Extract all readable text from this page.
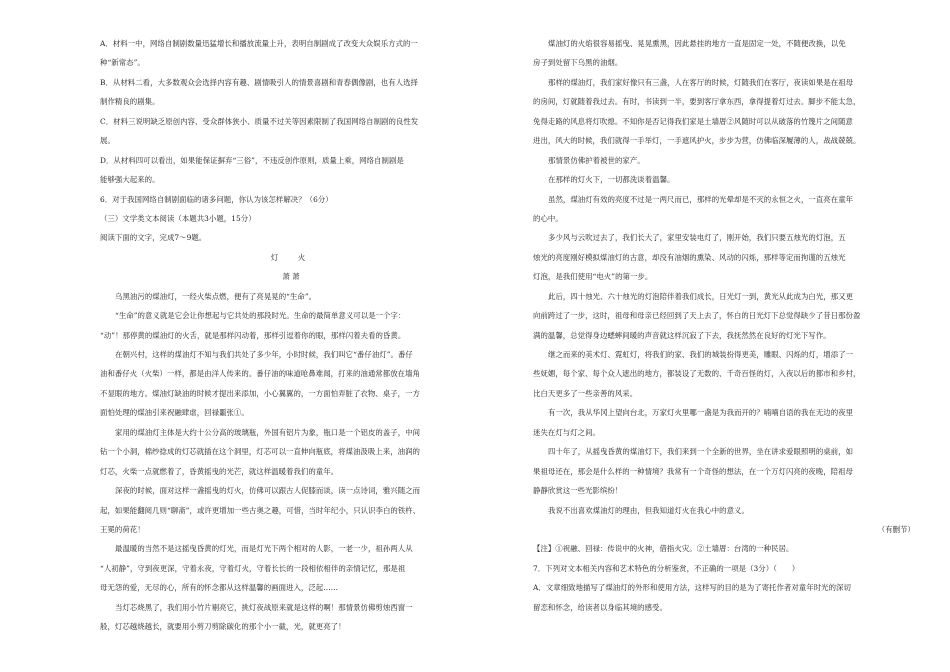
A．材料一中，网络自制剧数量迅猛增长和播放流量上升，表明自制剧成了改变大众娱乐方式的一
种“新常态”。
B．从材料二看，大多数观众会选择内容有趣、剧情吸引人的情景喜剧和青春偶像剧，也有人选择
制作精良的剧集。
C．材料三说明缺乏原创内容、受众群体狭小、质量不过关等因素限制了我国网络自制剧的良性发
展。
D．从材料四可以看出，如果能保证摒弃“三俗”，不违反创作原则，质量上乘，网络自制剧是
能够强大起来的。
6．对于我国网络自制剧面临的诸多问题，你认为该怎样解决？（6分）
（三）文学类文本阅读（本题共3小题，15分）
阅读下面的文字，完成7～9题。
灯　火
萧 萧
乌黑油污的煤油灯，一经火柴点燃，便有了亮晃晃的“生命”。
“生命”的意义就是它会让你想起与它共处的那段时光。生命的最简单意义可以是一个字：
“动”！那停黄的煤油灯的火舌，就是那样闪动着，那样引逗着你的眼，那样闪着夫看的昏黄。
在朝兴村，这样的煤油灯不知与我们共处了多少年，小时时候，我们叫它“番仔油灯”。番仔
油和番仔火（火柴）一样，都是由洋人传来的。番仔油的味道呛鼻难闻，打来的油通常都放在墙角
不显眼的地方。煤油灯缺油的时候才提出来添加，小心翼翼的，一方面怕弄脏了衣物、桌子，一方
面怕处理的煤油引来祝融肆虐，回禄噩张①。
家用的煤油灯主体是大约十公分高的玻璃瓶，外国有铝片为象，瓶口是一个铝皮的盖子，中间
钻一个小洞，棉纱捻成的灯芯就插在这个洞里，灯芯可以一直伸向瓶底，将煤油汲吸上来，油润的
灯芯，火柴一点就燃着了，昏黄摇曳的光芒，就这样温暖着我们的童年。
深夜的时候，面对这样一盏摇曳的灯火，仿佛可以跟古人促膝而谈，读一点诗词，雅兴随之而
起，如果能翻阅几则“聊斋”，或许更增加一些古奥之趣，可惜，当时年纪小，只认识李白的铁杵、
王冕的荷花！
最温暖的当然不是这摇曳昏黄的灯光，而是灯光下两个相对的人影，一老一少，祖孙两人从
“人初静”，守到夜更深，守着永夜，守着灯火，守着长长的一段相依相伴的亲情记忆，那是祖
母无怨的爱，无尽的心，所有的怀念都从这样温馨的画面进入，泛起……
当灯芯烧黑了，我们用小竹片剔亮它，挑灯夜战原来就是这样的啊！那情景仿佛剪烛西窗一
般，灯芯越烧越长，就要用小剪刀剪除碳化的那个小一截，光，就更亮了！
煤油灯的火焰很容易摇曳、晃晃熏黑，因此悬挂的地方一直是固定一处，不随便改换，以免
房子到处留下乌黑的油烟。
那样的煤油灯，我们家好像只有三盏，人在客厅的时候，灯随我们在客厅，夜读如果是在祖母
的房间，灯就随着我过去。有时，书读到一半，要到客厅拿东西，拿得提着灯过去。脚步不能太急，
免得走路的风息将灯吹熄。不知你是否记得我们家是土墙厝②风随时可以从破落的竹篾片之间随意
进出，风大的时候，我们就得一手举灯，一手遮风护火，步步为营，仿佛临深履薄的人，战战兢兢。
那情景仿佛护着被世的家产。
在那样的灯火下，一切都洗谈着温馨。
虽然，煤油灯有效的亮度不过是一两尺而已，那样的光晕却是不灭的永恒之火，一直亮在童年
的心中。
多少风与云吹过去了，我们长大了，家里安装电灯了，刚开始，我们只要五烛光的灯泡，五
烛光的亮度刚好模拟煤油灯的古意，却没有油烟的熏染、风动的闪烁，那样等定而拘谨的五烛光
灯泡，是我们使用“电火”的第一步。
此后，四十烛光、六十烛光的灯泡陪伴着我们成长，日光灯一到，黄光从此成为白光，那又更
向前跨过了一步，这时，祖母和母亲已经回到了天上去了，怀白的日光灯下总觉得缺少了昔日那份盈
满的温馨，总觉得身边蟋蟀间暖的声音就这样沉寂了下去，我抚然然在良好的灯光下写作。
继之而来的美术灯、霓虹灯，将我们的家、我们的城装扮得更美，雕眼、闪烁的灯，增添了一
些妩媚，每个家、每个众人遮出的地方，都装设了无数的、千奇百怪的灯，入夜以后的都市和乡村，
比白天更多了一些亲善的风采。
有一次，我从华冈上望向台北，万家灯火里哪一盏是为我而开的？喃喃自语的我在无边的夜里
迷失在灯与灯之间。
四十年了，从摇曳昏黄的煤油灯下，我们来到一个全新的世界，坐在讲求爱眼照明的桌前，如
果祖母还在，那会是什么样的一种情境？我常有一个奇怪的想法，在一个万灯闪亮的夜晚，陪祖母
静静欣赏这一些光影缤纷！
我说不出喜欢煤油灯的理由，但我知道灯火在我心中的意义。
（有删节）
【注】①祝融、回禄：传说中的火神，借指火灾。②土墙厝：台湾的一种民居。
7．下列对文本相关内容和艺术特色的分析鉴赏，不正确的一项是（3分）（　　）
A．文章细致地描写了煤油灯的外形和使用方法，这样写的目的是为了寄托作者对童年时光的深切
留恋和怀念，给读者以身临其境的感受。
